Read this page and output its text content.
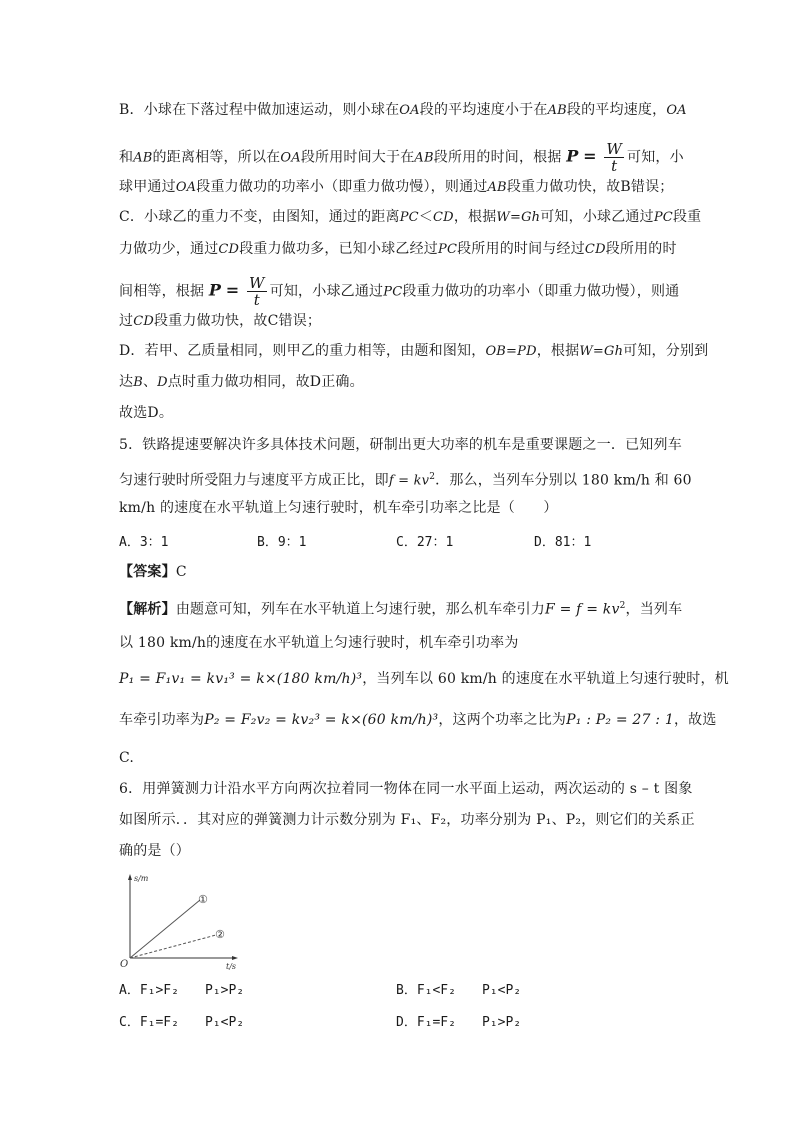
B．小球在下落过程中做加速运动，则小球在OA段的平均速度小于在AB段的平均速度，OA
和AB的距离相等，所以在OA段所用时间大于在AB段所用的时间，根据 $P = \frac{W}{t}$ 可知，小
球甲通过OA段重力做功的功率小（即重力做功慢），则通过AB段重力做功快，故B错误；
C．小球乙的重力不变，由图知，通过的距离PC＜CD，根据W=Gh可知，小球乙通过PC段重
力做功少，通过CD段重力做功多，已知小球乙经过PC段所用的时间与经过CD段所用的时
间相等，根据 $P = \frac{W}{t}$ 可知，小球乙通过PC段重力做功的功率小（即重力做功慢），则通
过CD段重力做功快，故C错误；
D．若甲、乙质量相同，则甲乙的重力相等，由题和图知，OB=PD，根据W=Gh可知，分别到
达B、D点时重力做功相同，故D正确。
故选D。
5．铁路提速要解决许多具体技术问题，研制出更大功率的机车是重要课题之一．已知列车
匀速行驶时所受阻力与速度平方成正比，即$f = kv^2$．那么，当列车分别以 180 km/h 和 60
km/h 的速度在水平轨道上匀速行驶时，机车牵引功率之比是（　　）
A．3：1	B．9：1	C．27：1	D．81：1
【答案】C
【解析】由题意可知，列车在水平轨道上匀速行驶，那么机车牵引力$F = f = kv^2$，当列车
以 180 km/h的速度在水平轨道上匀速行驶时，机车牵引功率为
P₁ = F₁v₁ = kv₁³ = k×(180 km/h)³，当列车以 60 km/h 的速度在水平轨道上匀速行驶时，机
车牵引功率为P₂ = F₂v₂ = kv₂³ = k×(60 km/h)³，这两个功率之比为P₁ : P₂ = 27 : 1，故选
C.
6．用弹簧测力计沿水平方向两次拉着同一物体在同一水平面上运动，两次运动的 s – t 图象
如图所示．．其对应的弹簧测力计示数分别为 F₁、F₂，功率分别为 P₁、P₂，则它们的关系正
确的是（）
s/m
t/s
O
①
②
A．F₁>F₂　　P₁>P₂	B．F₁<F₂　　P₁<P₂
C．F₁=F₂　　P₁<P₂	D．F₁=F₂　　P₁>P₂
